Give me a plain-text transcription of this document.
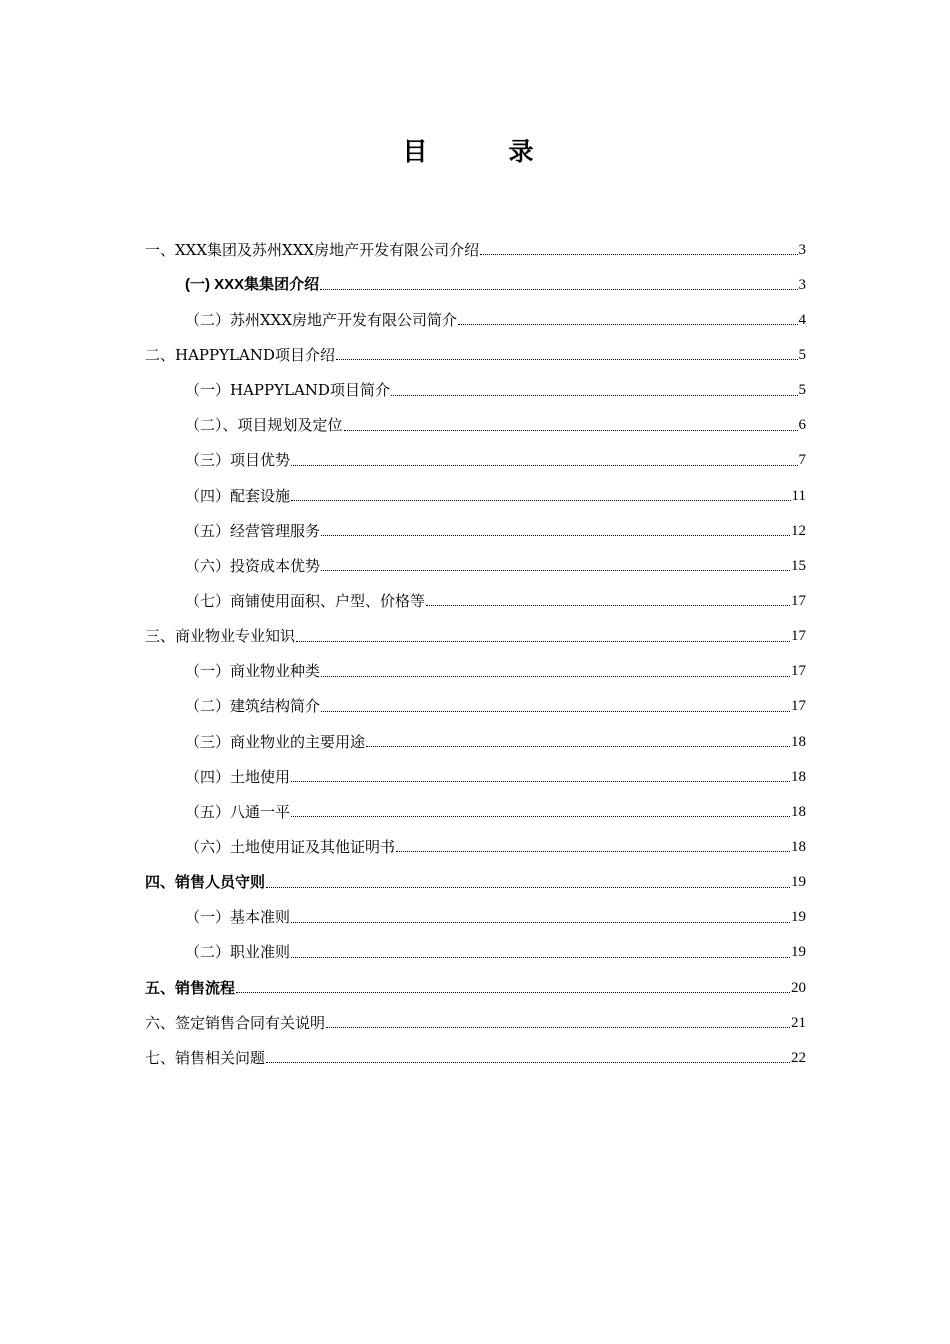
目　录
一、XXX集团及苏州XXX房地产开发有限公司介绍	3
(一) XXX集集团介绍	3
（二）苏州XXX房地产开发有限公司简介	4
二、HAPPYLAND项目介绍	5
（一）HAPPYLAND项目简介	5
（二）、项目规划及定位	6
（三）项目优势	7
（四）配套设施	11
（五）经营管理服务	12
（六）投资成本优势	15
（七）商铺使用面积、户型、价格等	17
三、商业物业专业知识	17
（一）商业物业种类	17
（二）建筑结构简介	17
（三）商业物业的主要用途	18
（四）土地使用	18
（五）八通一平	18
（六）土地使用证及其他证明书	18
四、销售人员守则	19
（一）基本准则	19
（二）职业准则	19
五、销售流程	20
六、签定销售合同有关说明	21
七、销售相关问题	22
